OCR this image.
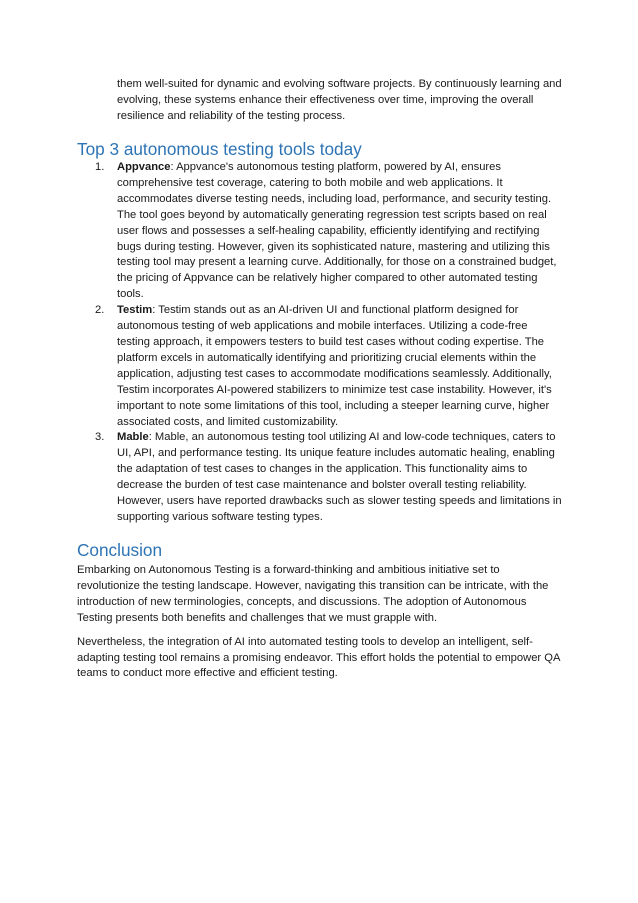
them well-suited for dynamic and evolving software projects. By continuously learning and evolving, these systems enhance their effectiveness over time, improving the overall resilience and reliability of the testing process.

Top 3 autonomous testing tools today
1. Appvance: Appvance's autonomous testing platform, powered by AI, ensures comprehensive test coverage, catering to both mobile and web applications. It accommodates diverse testing needs, including load, performance, and security testing. The tool goes beyond by automatically generating regression test scripts based on real user flows and possesses a self-healing capability, efficiently identifying and rectifying bugs during testing. However, given its sophisticated nature, mastering and utilizing this testing tool may present a learning curve. Additionally, for those on a constrained budget, the pricing of Appvance can be relatively higher compared to other automated testing tools.
2. Testim: Testim stands out as an AI-driven UI and functional platform designed for autonomous testing of web applications and mobile interfaces. Utilizing a code-free testing approach, it empowers testers to build test cases without coding expertise. The platform excels in automatically identifying and prioritizing crucial elements within the application, adjusting test cases to accommodate modifications seamlessly. Additionally, Testim incorporates AI-powered stabilizers to minimize test case instability. However, it's important to note some limitations of this tool, including a steeper learning curve, higher associated costs, and limited customizability.
3. Mable: Mable, an autonomous testing tool utilizing AI and low-code techniques, caters to UI, API, and performance testing. Its unique feature includes automatic healing, enabling the adaptation of test cases to changes in the application. This functionality aims to decrease the burden of test case maintenance and bolster overall testing reliability. However, users have reported drawbacks such as slower testing speeds and limitations in supporting various software testing types.
Conclusion

Embarking on Autonomous Testing is a forward-thinking and ambitious initiative set to revolutionize the testing landscape. However, navigating this transition can be intricate, with the introduction of new terminologies, concepts, and discussions. The adoption of Autonomous Testing presents both benefits and challenges that we must grapple with.

Nevertheless, the integration of AI into automated testing tools to develop an intelligent, self-adapting testing tool remains a promising endeavor. This effort holds the potential to empower QA teams to conduct more effective and efficient testing.
